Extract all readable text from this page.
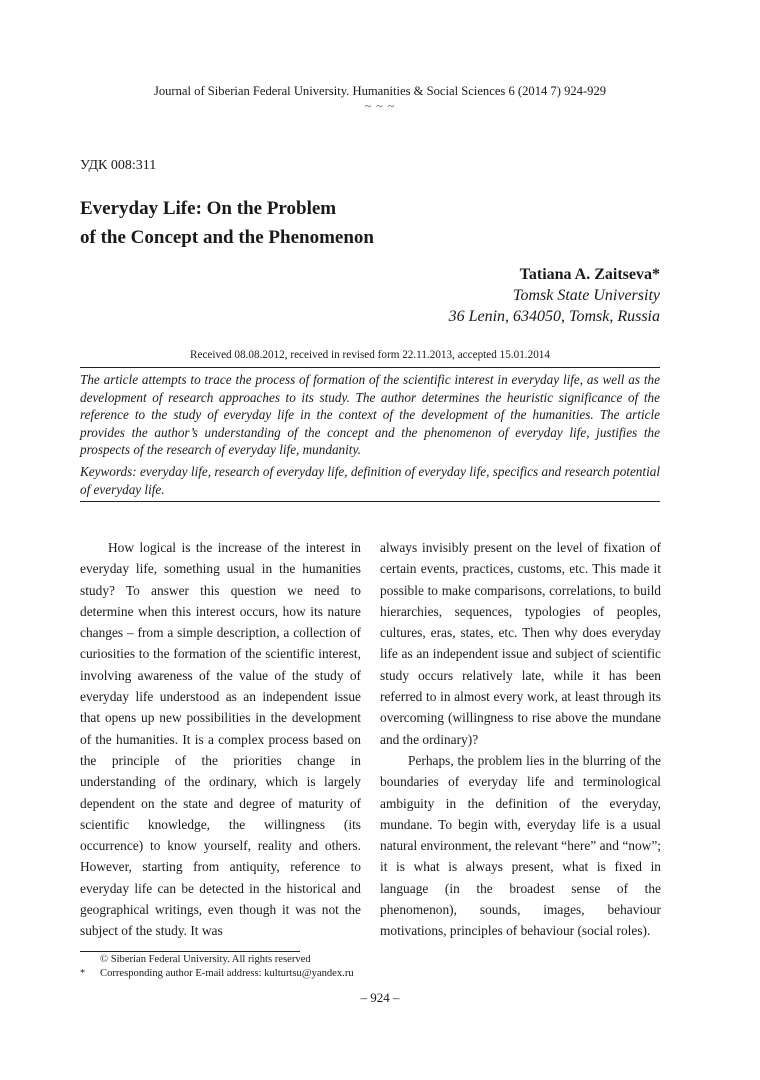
Journal of Siberian Federal University. Humanities & Social Sciences 6 (2014 7) 924-929
~ ~ ~
УДК 008:311
Everyday Life: On the Problem
of the Concept and the Phenomenon
Tatiana A. Zaitseva*
Tomsk State University
36 Lenin, 634050, Tomsk, Russia
Received 08.08.2012, received in revised form 22.11.2013, accepted 15.01.2014

The article attempts to trace the process of formation of the scientific interest in everyday life, as well as the development of research approaches to its study. The author determines the heuristic significance of the reference to the study of everyday life in the context of the development of the humanities. The article provides the author’s understanding of the concept and the phenomenon of everyday life, justifies the prospects of the research of everyday life, mundanity.

Keywords: everyday life, research of everyday life, definition of everyday life, specifics and research potential of everyday life.

How logical is the increase of the interest in everyday life, something usual in the humanities study? To answer this question we need to determine when this interest occurs, how its nature changes – from a simple description, a collection of curiosities to the formation of the scientific interest, involving awareness of the value of the study of everyday life understood as an independent issue that opens up new possibilities in the development of the humanities. It is a complex process based on the principle of the priorities change in understanding of the ordinary, which is largely dependent on the state and degree of maturity of scientific knowledge, the willingness (its occurrence) to know yourself, reality and others. However, starting from antiquity, reference to everyday life can be detected in the historical and geographical writings, even though it was not the subject of the study. It was

always invisibly present on the level of fixation of certain events, practices, customs, etc. This made it possible to make comparisons, correlations, to build hierarchies, sequences, typologies of peoples, cultures, eras, states, etc. Then why does everyday life as an independent issue and subject of scientific study occurs relatively late, while it has been referred to in almost every work, at least through its overcoming (willingness to rise above the mundane and the ordinary)?

Perhaps, the problem lies in the blurring of the boundaries of everyday life and terminological ambiguity in the definition of the everyday, mundane. To begin with, everyday life is a usual natural environment, the relevant “here” and “now”; it is what is always present, what is fixed in language (in the broadest sense of the phenomenon), sounds, images, behaviour motivations, principles of behaviour (social roles).

© Siberian Federal University. All rights reserved
* Corresponding author E-mail address: kulturtsu@yandex.ru
– 924 –
